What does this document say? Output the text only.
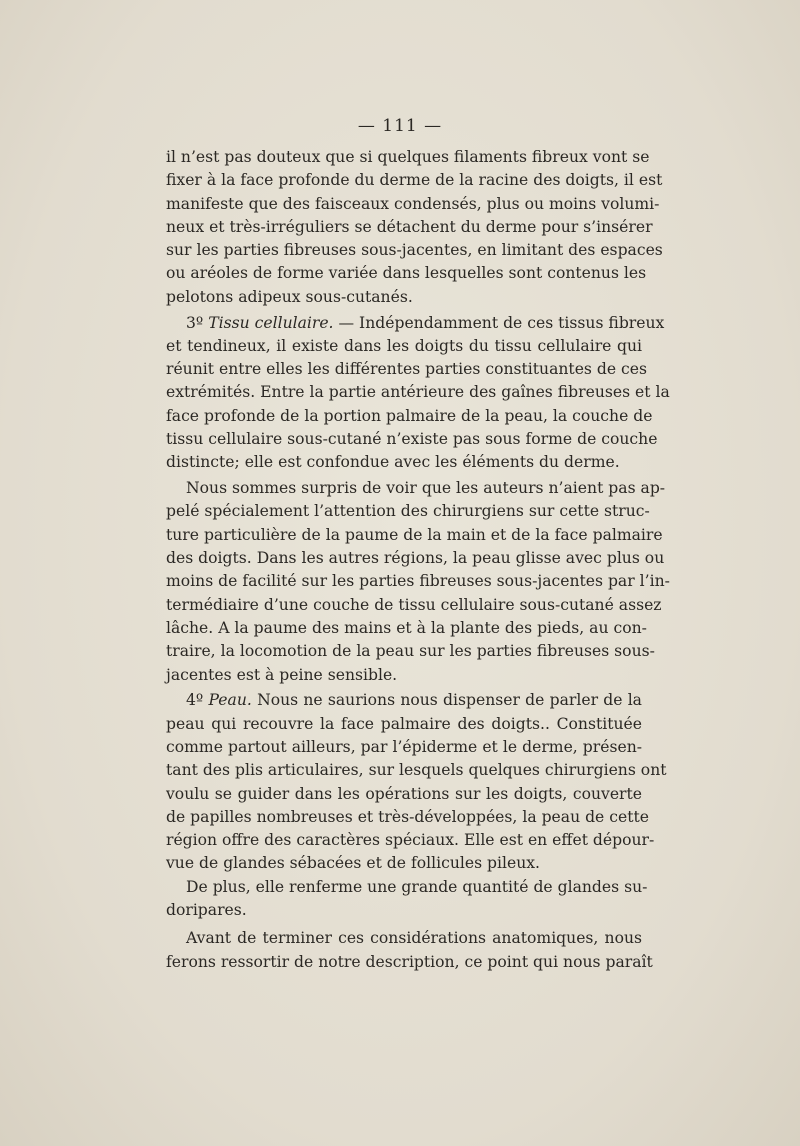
— 111 —
il n’est pas douteux que si quelques filaments fibreux vont se
fixer à la face profonde du derme de la racine des doigts, il est
manifeste que des faisceaux condensés, plus ou moins volumi-
neux et très-irréguliers se détachent du derme pour s’insérer
sur les parties fibreuses sous-jacentes, en limitant des espaces
ou aréoles de forme variée dans lesquelles sont contenus les
pelotons adipeux sous-cutanés.
3º Tissu cellulaire. — Indépendamment de ces tissus fibreux
et tendineux, il existe dans les doigts du tissu cellulaire qui
réunit entre elles les différentes parties constituantes de ces
extrémités. Entre la partie antérieure des gaînes fibreuses et la
face profonde de la portion palmaire de la peau, la couche de
tissu cellulaire sous-cutané n’existe pas sous forme de couche
distincte; elle est confondue avec les éléments du derme.
Nous sommes surpris de voir que les auteurs n’aient pas ap-
pelé spécialement l’attention des chirurgiens sur cette struc-
ture particulière de la paume de la main et de la face palmaire
des doigts. Dans les autres régions, la peau glisse avec plus ou
moins de facilité sur les parties fibreuses sous-jacentes par l’in-
termédiaire d’une couche de tissu cellulaire sous-cutané assez
lâche. A la paume des mains et à la plante des pieds, au con-
traire, la locomotion de la peau sur les parties fibreuses sous-
jacentes est à peine sensible.
4º Peau. Nous ne saurions nous dispenser de parler de la
peau qui recouvre la face palmaire des doigts.. Constituée
comme partout ailleurs, par l’épiderme et le derme, présen-
tant des plis articulaires, sur lesquels quelques chirurgiens ont
voulu se guider dans les opérations sur les doigts, couverte
de papilles nombreuses et très-développées, la peau de cette
région offre des caractères spéciaux. Elle est en effet dépour-
vue de glandes sébacées et de follicules pileux.
De plus, elle renferme une grande quantité de glandes su-
doripares.
Avant de terminer ces considérations anatomiques, nous
ferons ressortir de notre description, ce point qui nous paraît
